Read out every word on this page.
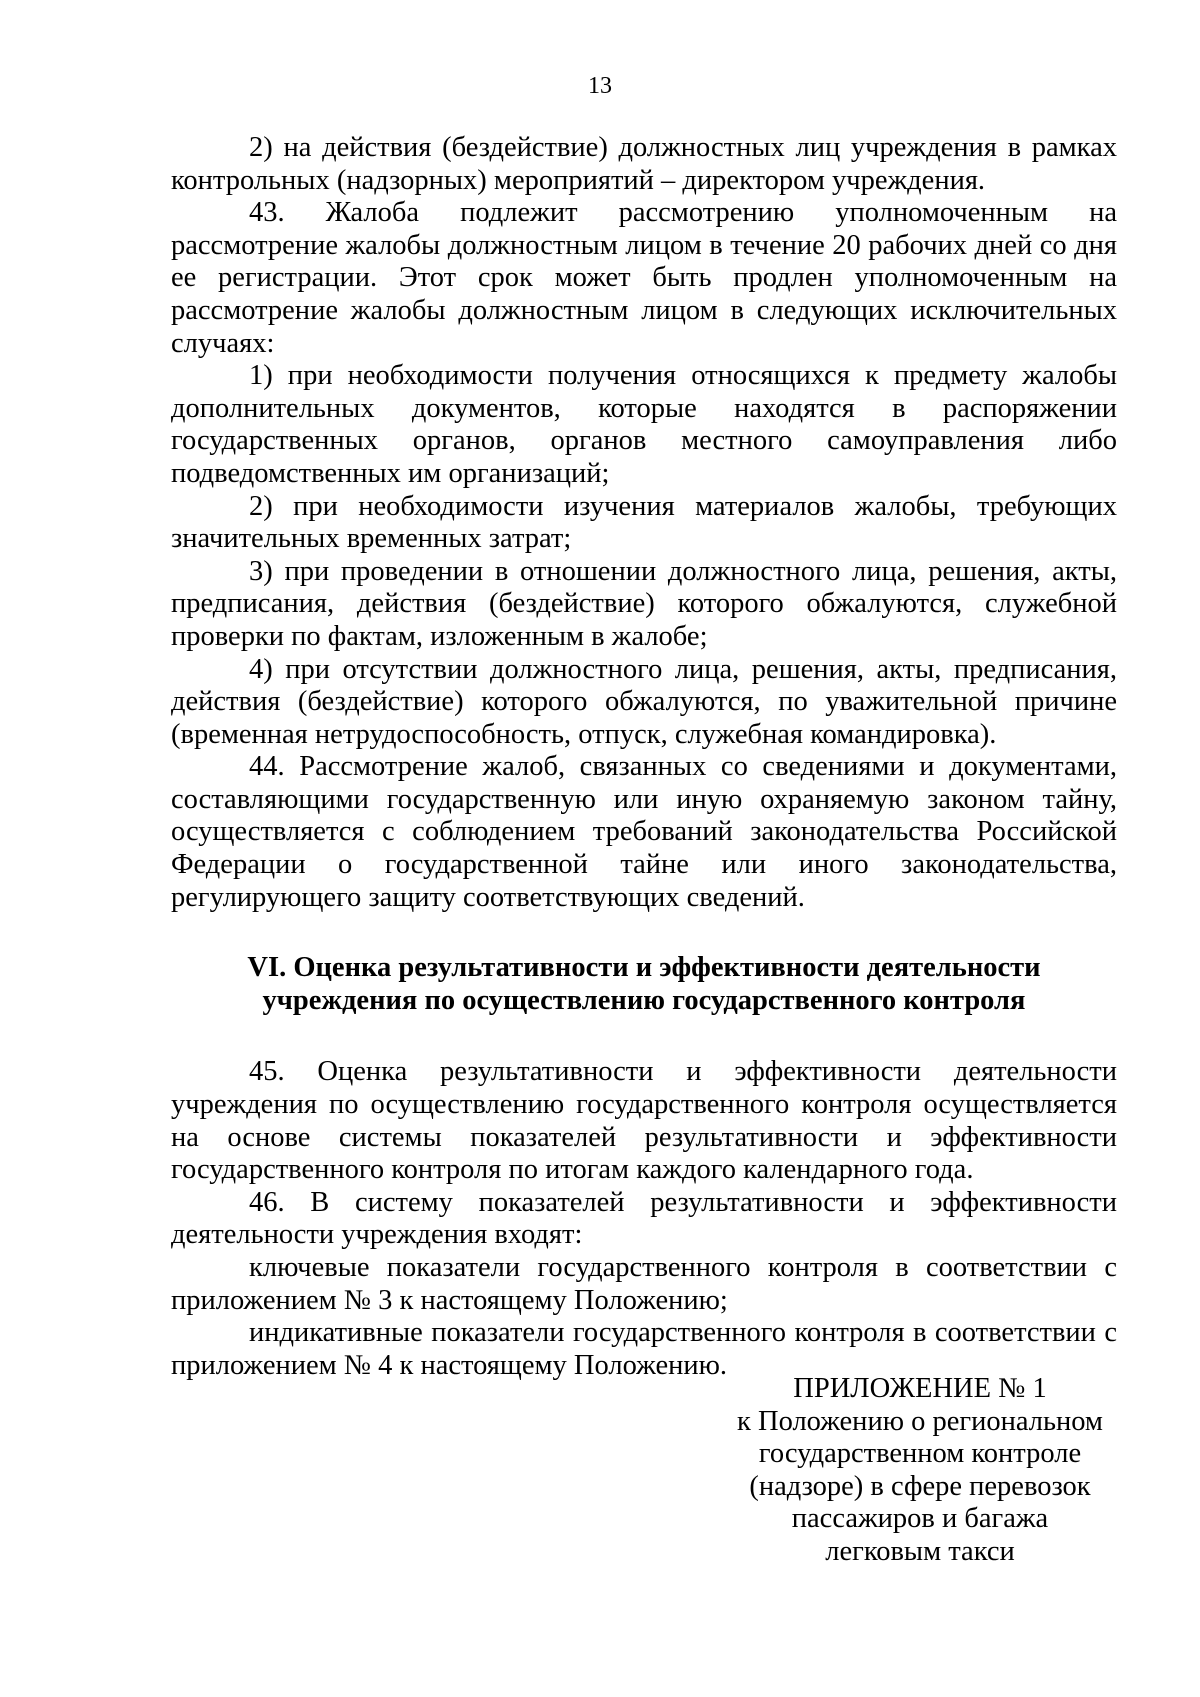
13

2) на действия (бездействие) должностных лиц учреждения в рамках контрольных (надзорных) мероприятий – директором учреждения.

43. Жалоба подлежит рассмотрению уполномоченным на рассмотрение жалобы должностным лицом в течение 20 рабочих дней со дня ее регистрации. Этот срок может быть продлен уполномоченным на рассмотрение жалобы должностным лицом в следующих исключительных случаях:

1) при необходимости получения относящихся к предмету жалобы дополнительных документов, которые находятся в распоряжении государственных органов, органов местного самоуправления либо подведомственных им организаций;

2) при необходимости изучения материалов жалобы, требующих значительных временных затрат;

3) при проведении в отношении должностного лица, решения, акты, предписания, действия (бездействие) которого обжалуются, служебной проверки по фактам, изложенным в жалобе;

4) при отсутствии должностного лица, решения, акты, предписания, действия (бездействие) которого обжалуются, по уважительной причине (временная нетрудоспособность, отпуск, служебная командировка).

44. Рассмотрение жалоб, связанных со сведениями и документами, составляющими государственную или иную охраняемую законом тайну, осуществляется с соблюдением требований законодательства Российской Федерации о государственной тайне или иного законодательства, регулирующего защиту соответствующих сведений.

VI. Оценка результативности и эффективности деятельности
учреждения по осуществлению государственного контроля

45. Оценка результативности и эффективности деятельности учреждения по осуществлению государственного контроля осуществляется на основе системы показателей результативности и эффективности государственного контроля по итогам каждого календарного года.

46. В систему показателей результативности и эффективности деятельности учреждения входят:

ключевые показатели государственного контроля в соответствии с приложением № 3 к настоящему Положению;

индикативные показатели государственного контроля в соответствии с приложением № 4 к настоящему Положению.

ПРИЛОЖЕНИЕ № 1
к Положению о региональном
государственном контроле
(надзоре) в сфере перевозок
пассажиров и багажа
легковым такси
